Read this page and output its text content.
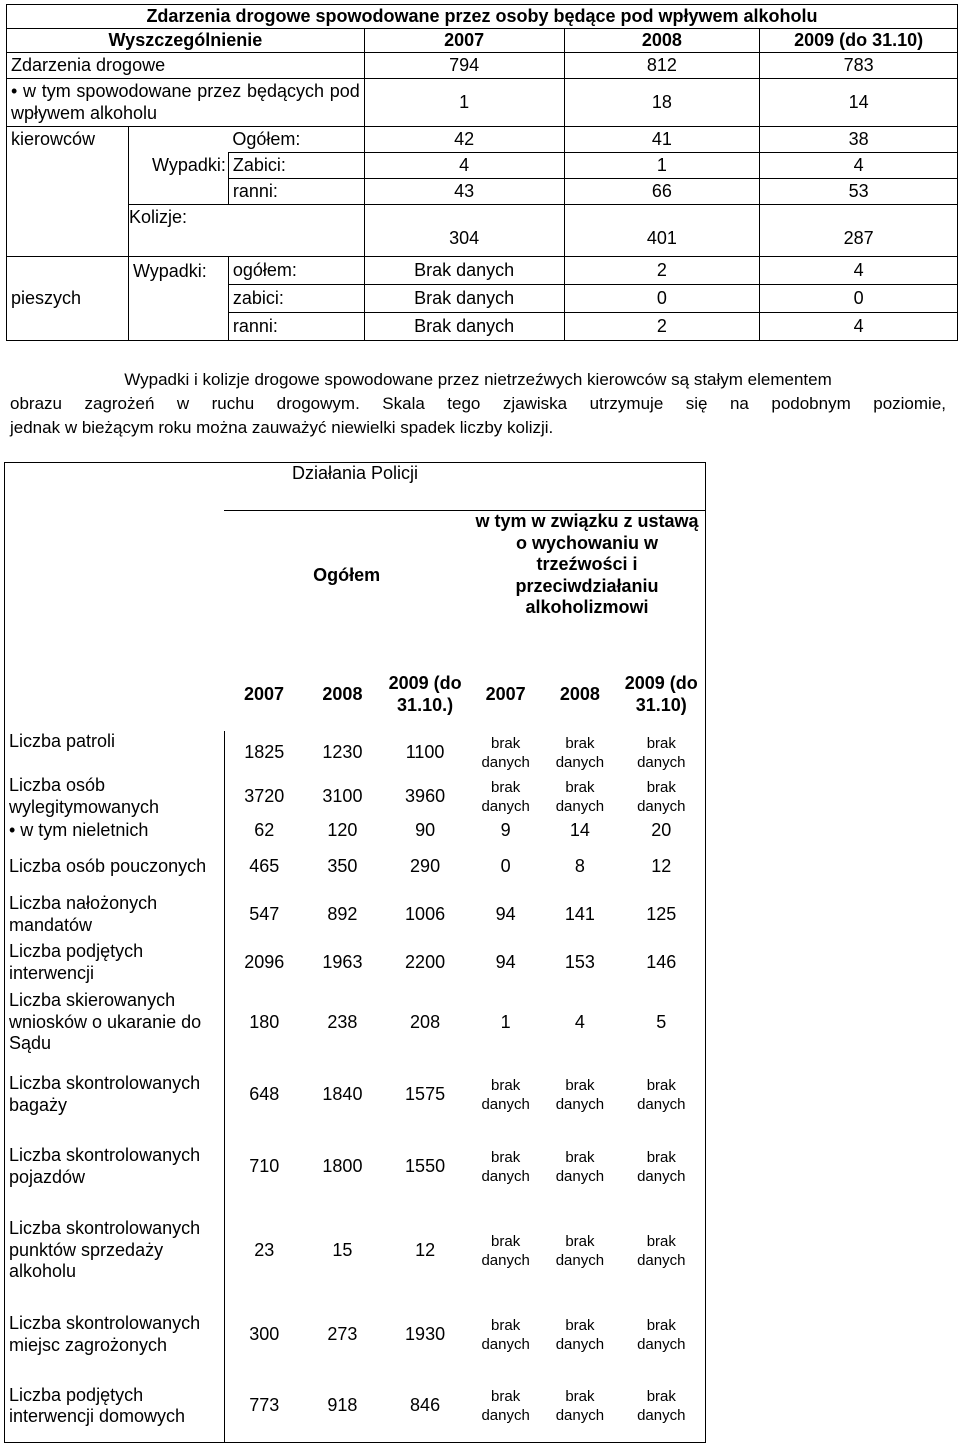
Zdarzenia drogowe spowodowane przez osoby będące pod wpływem alkoholu					
Wyszczególnienie			2007	2008	2009 (do 31.10)
Zdarzenia drogowe			794	812	783
• w tym spowodowane przez będących pod wpływem alkoholu			1	18	14
kierowców		Ogółem:	42	41	38
	Wypadki:	Zabici:	4	1	4
		ranni:	43	66	53
	Kolizje:		304	401	287
pieszych	Wypadki:	ogółem:	Brak danych	2	4
		zabici:	Brak danych	0	0
		ranni:	Brak danych	2	4
Wypadki i kolizje drogowe spowodowane przez nietrzeźwych kierowców są stałym elementem
obrazu zagrożeń w ruchu drogowym. Skala tego zjawiska utrzymuje się na podobnym poziomie,
jednak w bieżącym roku można zauważyć niewielki spadek liczby kolizji.
Działania Policji						
	Ogółem			w tym w związku z ustawą o wychowaniu w trzeźwości i przeciwdziałaniu alkoholizmowi		
	2007	2008	2009 (do 31.10.)	2007	2008	2009 (do 31.10)
Liczba patroli	1825	1230	1100	brak danych	brak danych	brak danych
Liczba osób wylegitymowanych	3720	3100	3960	brak danych	brak danych	brak danych
• w tym nieletnich	62	120	90	9	14	20
Liczba osób pouczonych	465	350	290	0	8	12
Liczba nałożonych mandatów	547	892	1006	94	141	125
Liczba podjętych interwencji	2096	1963	2200	94	153	146
Liczba skierowanych wniosków o ukaranie do Sądu	180	238	208	1	4	5
Liczba skontrolowanych bagaży	648	1840	1575	brak danych	brak danych	brak danych
Liczba skontrolowanych pojazdów	710	1800	1550	brak danych	brak danych	brak danych
Liczba skontrolowanych punktów sprzedaży alkoholu	23	15	12	brak danych	brak danych	brak danych
Liczba skontrolowanych miejsc zagrożonych	300	273	1930	brak danych	brak danych	brak danych
Liczba podjętych interwencji domowych	773	918	846	brak danych	brak danych	brak danych
